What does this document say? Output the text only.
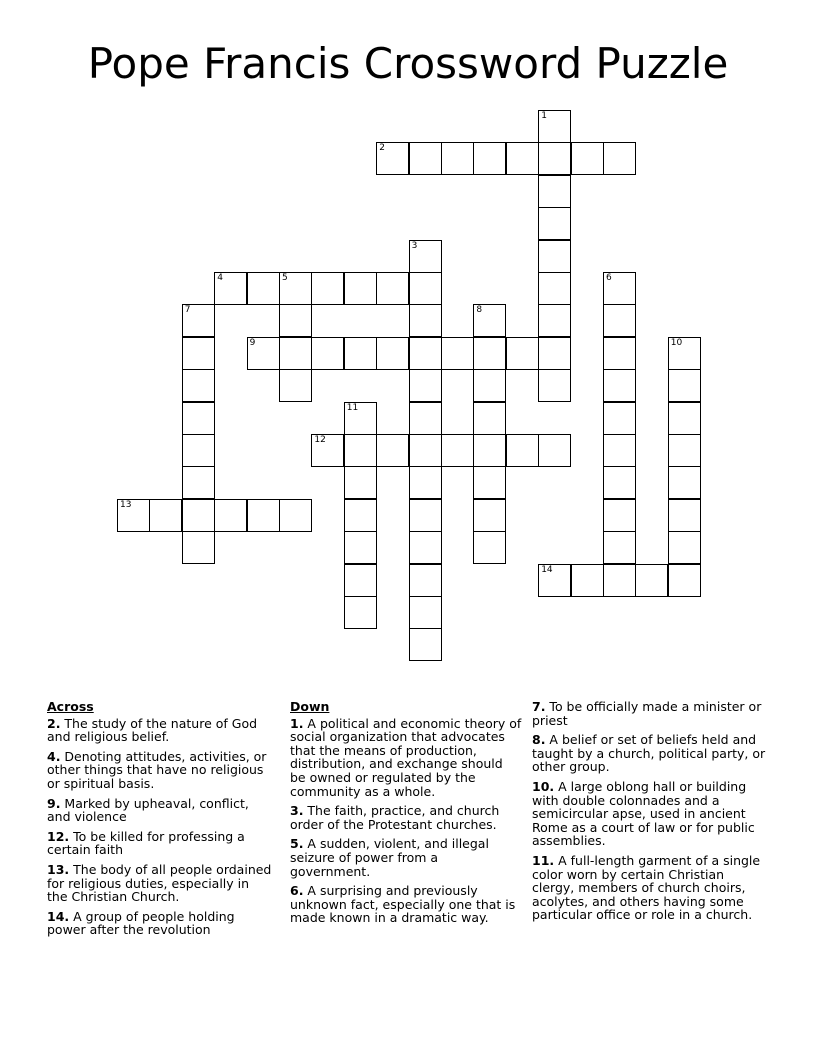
Pope Francis Crossword Puzzle
1
2
3
4	5	6
7	8
9	10
11
12
13
14
Across
2. The study of the nature of God and religious belief.
4. Denoting attitudes, activities, or other things that have no religious or spiritual basis.
9. Marked by upheaval, conflict, and violence
12. To be killed for professing a certain faith
13. The body of all people ordained for religious duties, especially in the Christian Church.
14. A group of people holding power after the revolution
Down
1. A political and economic theory of social organization that advocates that the means of production, distribution, and exchange should be owned or regulated by the community as a whole.
3. The faith, practice, and church order of the Protestant churches.
5. A sudden, violent, and illegal seizure of power from a government.
6. A surprising and previously unknown fact, especially one that is made known in a dramatic way.
7. To be officially made a minister or priest
8. A belief or set of beliefs held and taught by a church, political party, or other group.
10. A large oblong hall or building with double colonnades and a semicircular apse, used in ancient Rome as a court of law or for public assemblies.
11. A full-length garment of a single color worn by certain Christian clergy, members of church choirs, acolytes, and others having some particular office or role in a church.
